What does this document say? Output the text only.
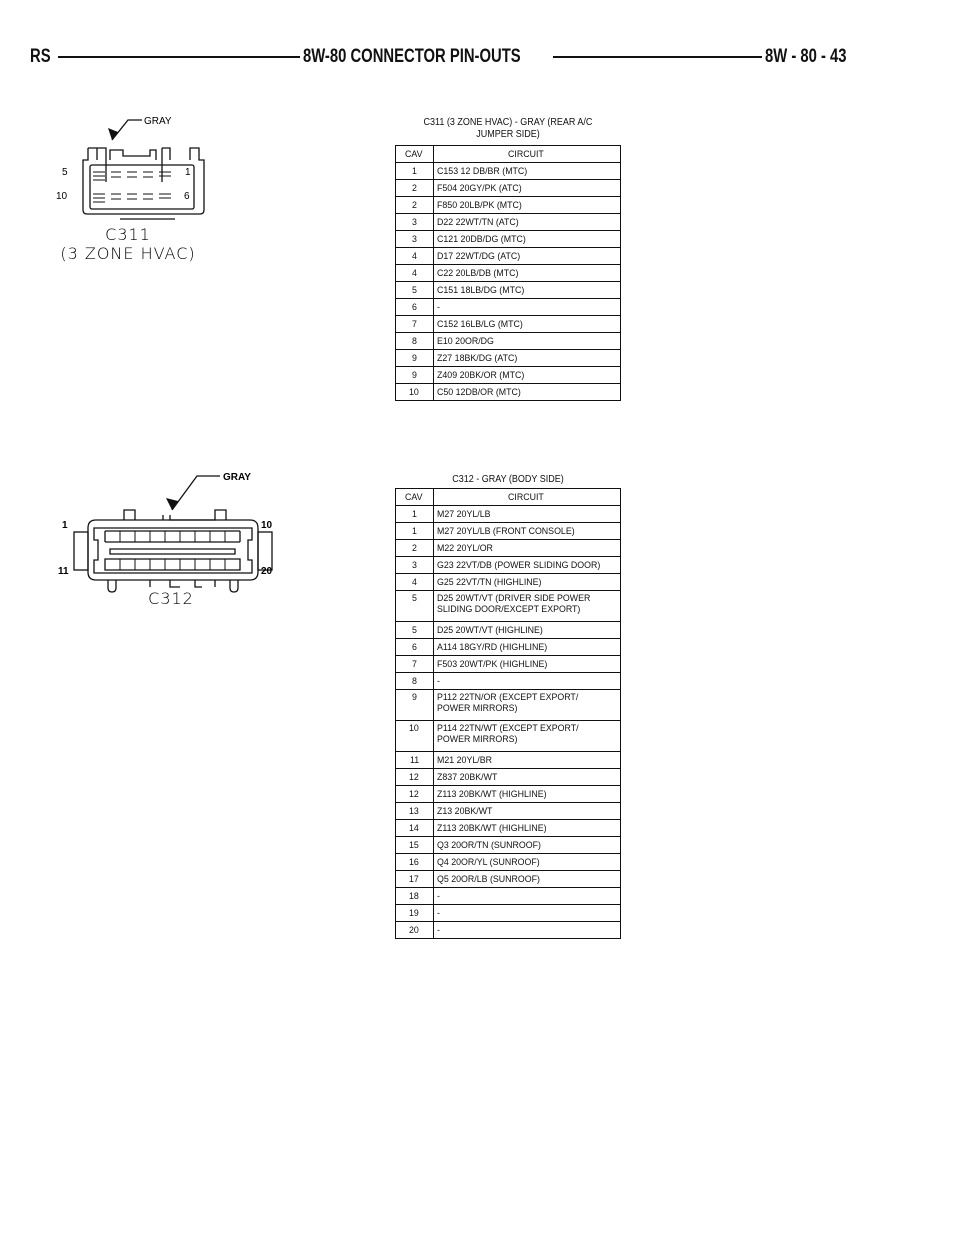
RS	8W-80 CONNECTOR PIN-OUTS	8W - 80 - 43
GRAY
5	1
10	6
C311
(3 ZONE HVAC)
C311 (3 ZONE HVAC) - GRAY (REAR A/C
JUMPER SIDE)
CAV	CIRCUIT
1	C153 12 DB/BR (MTC)
2	F504 20GY/PK (ATC)
2	F850 20LB/PK (MTC)
3	D22 22WT/TN (ATC)
3	C121 20DB/DG (MTC)
4	D17 22WT/DG (ATC)
4	C22 20LB/DB (MTC)
5	C151 18LB/DG (MTC)
6	-
7	C152 16LB/LG (MTC)
8	E10 20OR/DG
9	Z27 18BK/DG (ATC)
9	Z409 20BK/OR (MTC)
10	C50 12DB/OR (MTC)
GRAY
1	10
11	20
C312
C312 - GRAY (BODY SIDE)
CAV	CIRCUIT
1	M27 20YL/LB
1	M27 20YL/LB (FRONT CONSOLE)
2	M22 20YL/OR
3	G23 22VT/DB (POWER SLIDING DOOR)
4	G25 22VT/TN (HIGHLINE)
5	D25 20WT/VT (DRIVER SIDE POWER
SLIDING DOOR/EXCEPT EXPORT)
5	D25 20WT/VT (HIGHLINE)
6	A114 18GY/RD (HIGHLINE)
7	F503 20WT/PK (HIGHLINE)
8	-
9	P112 22TN/OR (EXCEPT EXPORT/
POWER MIRRORS)
10	P114 22TN/WT (EXCEPT EXPORT/
POWER MIRRORS)
11	M21 20YL/BR
12	Z837 20BK/WT
12	Z113 20BK/WT (HIGHLINE)
13	Z13 20BK/WT
14	Z113 20BK/WT (HIGHLINE)
15	Q3 20OR/TN (SUNROOF)
16	Q4 20OR/YL (SUNROOF)
17	Q5 20OR/LB (SUNROOF)
18	-
19	-
20	-
